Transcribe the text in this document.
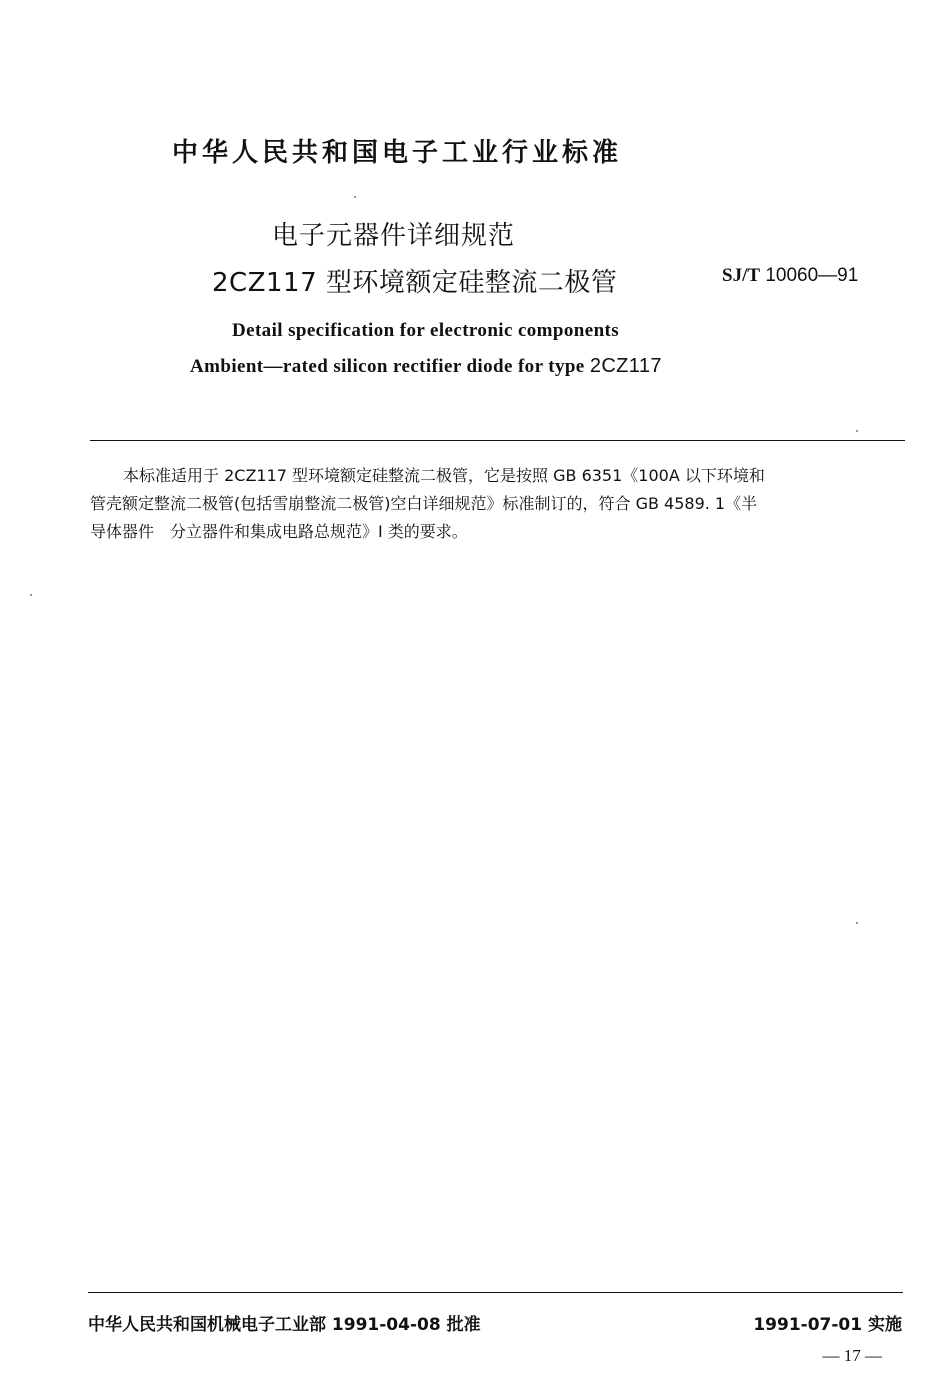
中华人民共和国电子工业行业标准
电子元器件详细规范
2CZ117 型环境额定硅整流二极管	SJ/T 10060—91
Detail specification for electronic components
Ambient—rated silicon rectifier diode for type 2CZ117
本标准适用于 2CZ117 型环境额定硅整流二极管，它是按照 GB 6351《100A 以下环境和
管壳额定整流二极管(包括雪崩整流二极管)空白详细规范》标准制订的，符合 GB 4589. 1《半
导体器件　分立器件和集成电路总规范》I 类的要求。
中华人民共和国机械电子工业部 1991-04-08 批准	1991-07-01 实施
— 17 —
